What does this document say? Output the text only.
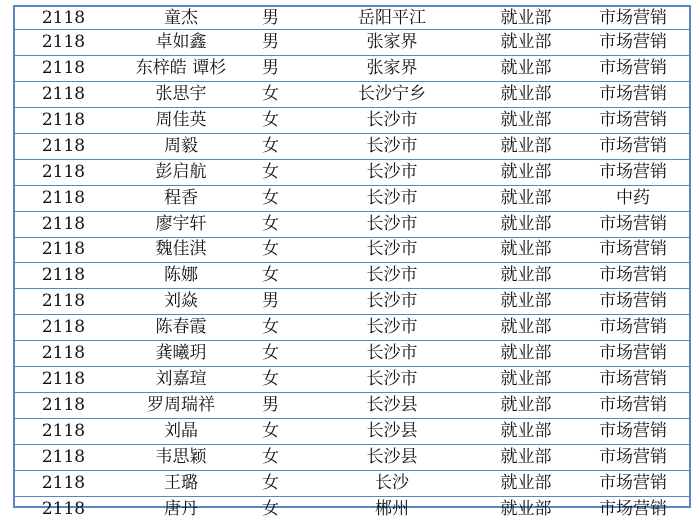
2118	童杰	男	岳阳平江	就业部	市场营销
2118	卓如鑫	男	张家界	就业部	市场营销
2118	东梓皓 谭杉	男	张家界	就业部	市场营销
2118	张思宇	女	长沙宁乡	就业部	市场营销
2118	周佳英	女	长沙市	就业部	市场营销
2118	周毅	女	长沙市	就业部	市场营销
2118	彭启航	女	长沙市	就业部	市场营销
2118	程香	女	长沙市	就业部	中药
2118	廖宇轩	女	长沙市	就业部	市场营销
2118	魏佳淇	女	长沙市	就业部	市场营销
2118	陈娜	女	长沙市	就业部	市场营销
2118	刘焱	男	长沙市	就业部	市场营销
2118	陈春霞	女	长沙市	就业部	市场营销
2118	龚曦玥	女	长沙市	就业部	市场营销
2118	刘嘉瑄	女	长沙市	就业部	市场营销
2118	罗周瑞祥	男	长沙县	就业部	市场营销
2118	刘晶	女	长沙县	就业部	市场营销
2118	韦思颖	女	长沙县	就业部	市场营销
2118	王璐	女	长沙	就业部	市场营销
2118	唐丹	女	郴州	就业部	市场营销
